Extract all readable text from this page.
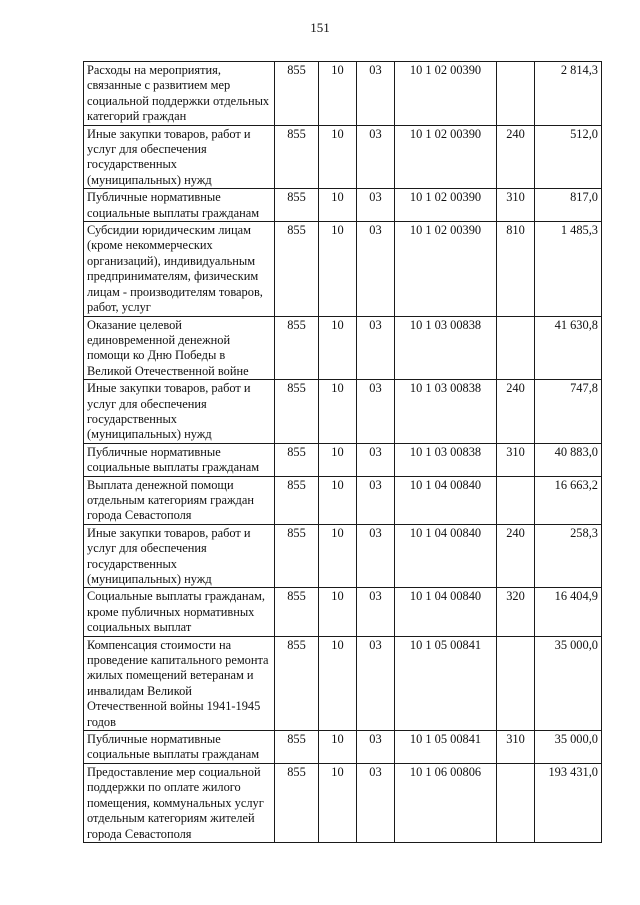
151
Расходы на мероприятия, связанные с развитием мер социальной поддержки отдельных категорий граждан	855	10	03	10 1 02 00390		2 814,3
Иные закупки товаров, работ и услуг для обеспечения государственных (муниципальных) нужд	855	10	03	10 1 02 00390	240	512,0
Публичные нормативные социальные выплаты гражданам	855	10	03	10 1 02 00390	310	817,0
Субсидии юридическим лицам (кроме некоммерческих организаций), индивидуальным предпринимателям, физическим лицам - производителям товаров, работ, услуг	855	10	03	10 1 02 00390	810	1 485,3
Оказание целевой единовременной денежной помощи ко Дню Победы в Великой Отечественной войне	855	10	03	10 1 03 00838		41 630,8
Иные закупки товаров, работ и услуг для обеспечения государственных (муниципальных) нужд	855	10	03	10 1 03 00838	240	747,8
Публичные нормативные социальные выплаты гражданам	855	10	03	10 1 03 00838	310	40 883,0
Выплата денежной помощи отдельным категориям граждан города Севастополя	855	10	03	10 1 04 00840		16 663,2
Иные закупки товаров, работ и услуг для обеспечения государственных (муниципальных) нужд	855	10	03	10 1 04 00840	240	258,3
Социальные выплаты гражданам, кроме публичных нормативных социальных выплат	855	10	03	10 1 04 00840	320	16 404,9
Компенсация стоимости на проведение капитального ремонта жилых помещений ветеранам и инвалидам Великой Отечественной войны 1941-1945 годов	855	10	03	10 1 05 00841		35 000,0
Публичные нормативные социальные выплаты гражданам	855	10	03	10 1 05 00841	310	35 000,0
Предоставление мер социальной поддержки по оплате жилого помещения, коммунальных услуг отдельным категориям жителей города Севастополя	855	10	03	10 1 06 00806		193 431,0
